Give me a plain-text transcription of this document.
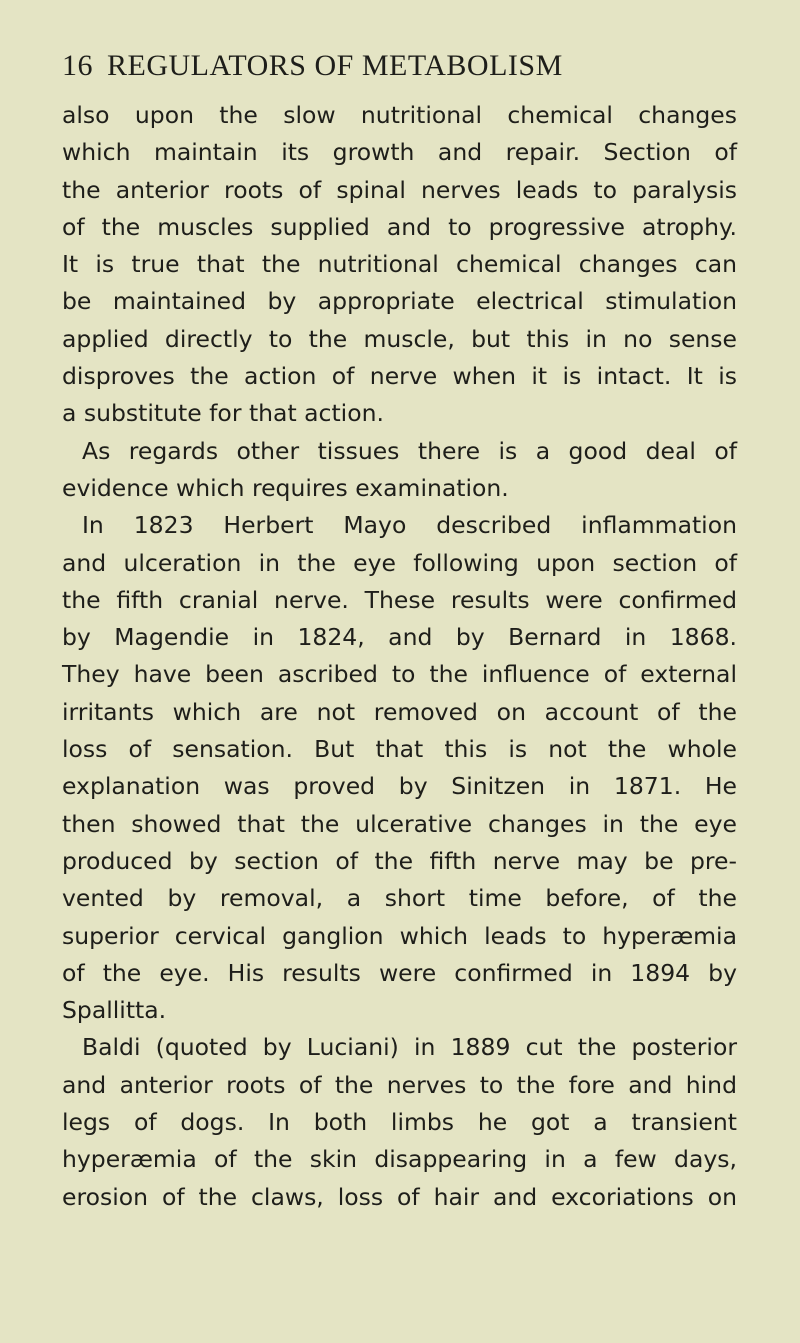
16 REGULATORS OF METABOLISM
also upon the slow nutritional chemical changes
which maintain its growth and repair. Section of
the anterior roots of spinal nerves leads to paralysis
of the muscles supplied and to progressive atrophy.
It is true that the nutritional chemical changes can
be maintained by appropriate electrical stimulation
applied directly to the muscle, but this in no sense
disproves the action of nerve when it is intact. It is
a substitute for that action.
As regards other tissues there is a good deal of
evidence which requires examination.
In 1823 Herbert Mayo described inflammation
and ulceration in the eye following upon section of
the fifth cranial nerve. These results were confirmed
by Magendie in 1824, and by Bernard in 1868.
They have been ascribed to the influence of external
irritants which are not removed on account of the
loss of sensation. But that this is not the whole
explanation was proved by Sinitzen in 1871. He
then showed that the ulcerative changes in the eye
produced by section of the fifth nerve may be pre-
vented by removal, a short time before, of the
superior cervical ganglion which leads to hyperæmia
of the eye. His results were confirmed in 1894 by
Spallitta.
Baldi (quoted by Luciani) in 1889 cut the posterior
and anterior roots of the nerves to the fore and hind
legs of dogs. In both limbs he got a transient
hyperæmia of the skin disappearing in a few days,
erosion of the claws, loss of hair and excoriations on
